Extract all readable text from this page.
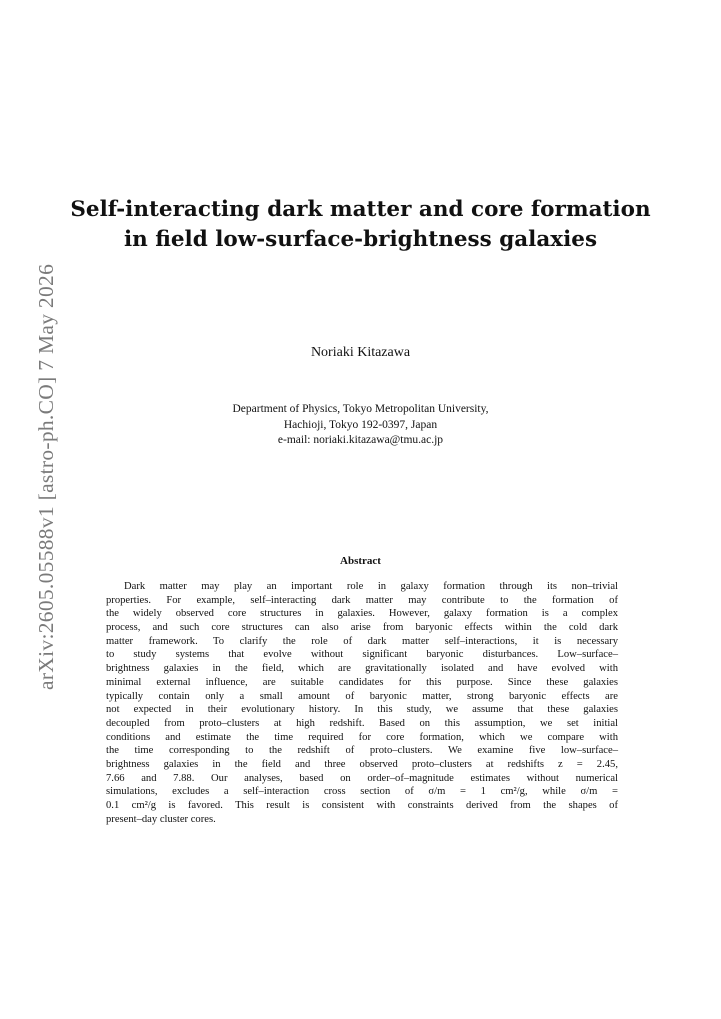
arXiv:2605.05588v1 [astro-ph.CO] 7 May 2026
Self-interacting dark matter and core formation
in field low-surface-brightness galaxies
Noriaki Kitazawa
Department of Physics, Tokyo Metropolitan University,
Hachioji, Tokyo 192-0397, Japan
e-mail: noriaki.kitazawa@tmu.ac.jp
Abstract
Dark matter may play an important role in galaxy formation through its non–trivial
properties. For example, self–interacting dark matter may contribute to the formation of
the widely observed core structures in galaxies. However, galaxy formation is a complex
process, and such core structures can also arise from baryonic effects within the cold dark
matter framework. To clarify the role of dark matter self–interactions, it is necessary
to study systems that evolve without significant baryonic disturbances. Low–surface–
brightness galaxies in the field, which are gravitationally isolated and have evolved with
minimal external influence, are suitable candidates for this purpose. Since these galaxies
typically contain only a small amount of baryonic matter, strong baryonic effects are
not expected in their evolutionary history. In this study, we assume that these galaxies
decoupled from proto–clusters at high redshift. Based on this assumption, we set initial
conditions and estimate the time required for core formation, which we compare with
the time corresponding to the redshift of proto–clusters. We examine five low–surface–
brightness galaxies in the field and three observed proto–clusters at redshifts z = 2.45,
7.66 and 7.88. Our analyses, based on order–of–magnitude estimates without numerical
simulations, excludes a self–interaction cross section of σ/m = 1 cm²/g, while σ/m =
0.1 cm²/g is favored. This result is consistent with constraints derived from the shapes of
present–day cluster cores.
